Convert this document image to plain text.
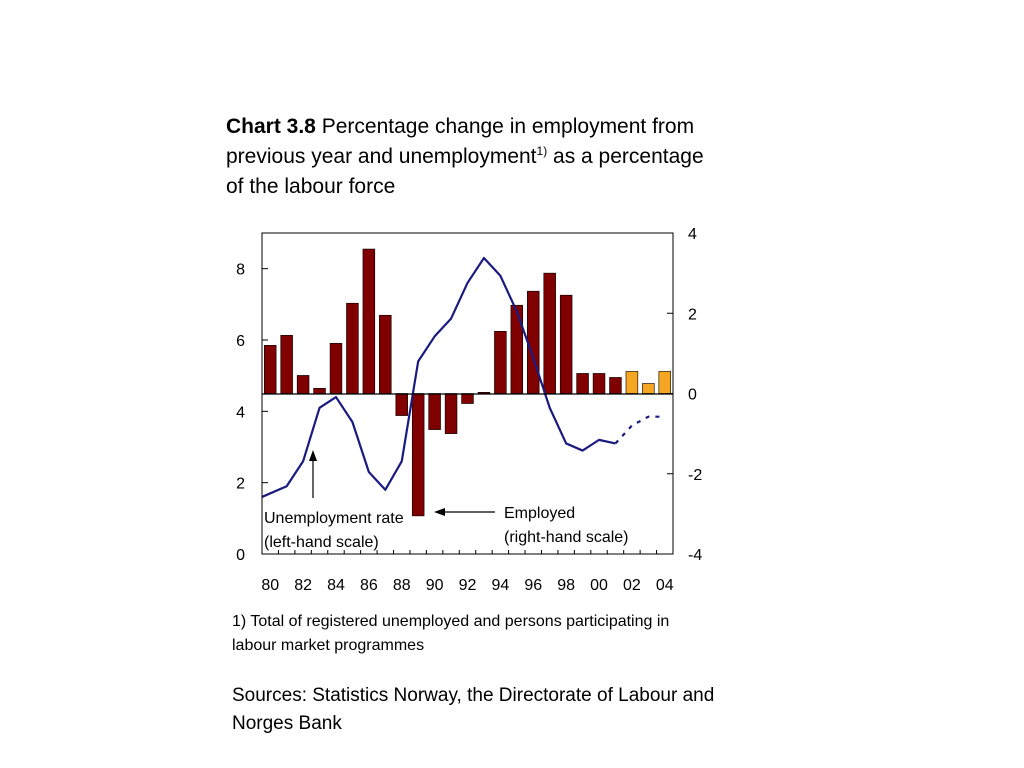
Chart 3.8 Percentage change in employment from previous year and unemployment$^{1)}$ as a percentage of the labour force
0
2
4
6
8
4
2
0
-2
-4
80 82 84 86 88 90 92 94 96 98 00 02 04
Unemployment rate
(left-hand scale)
Employed
(right-hand scale)
1) Total of registered unemployed and persons participating in labour market programmes
Sources: Statistics Norway, the Directorate of Labour and Norges Bank
